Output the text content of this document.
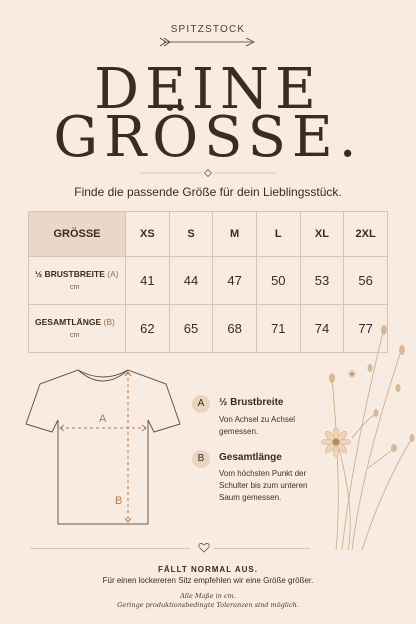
SPITZSTOCK
DEINE
GRÖSSE.
Finde die passende Größe für dein Lieblingsstück.
GRÖSSE	XS	S	M	L	XL	2XL
½ BRUSTBREITE (A)
cm	41	44	47	50	53	56
GESAMTLÄNGE (B)
cm	62	65	68	71	74	77
A
B
A	½ Brustbreite
Von Achsel zu Achsel gemessen.
B	Gesamtlänge
Vom höchsten Punkt der Schulter bis zum unteren Saum gemessen.
FÄLLT NORMAL AUS.
Für einen lockereren Sitz empfehlen wir eine Größe größer.
Alle Maße in cm.
Geringe produktionsbedingte Toleranzen sind möglich.
